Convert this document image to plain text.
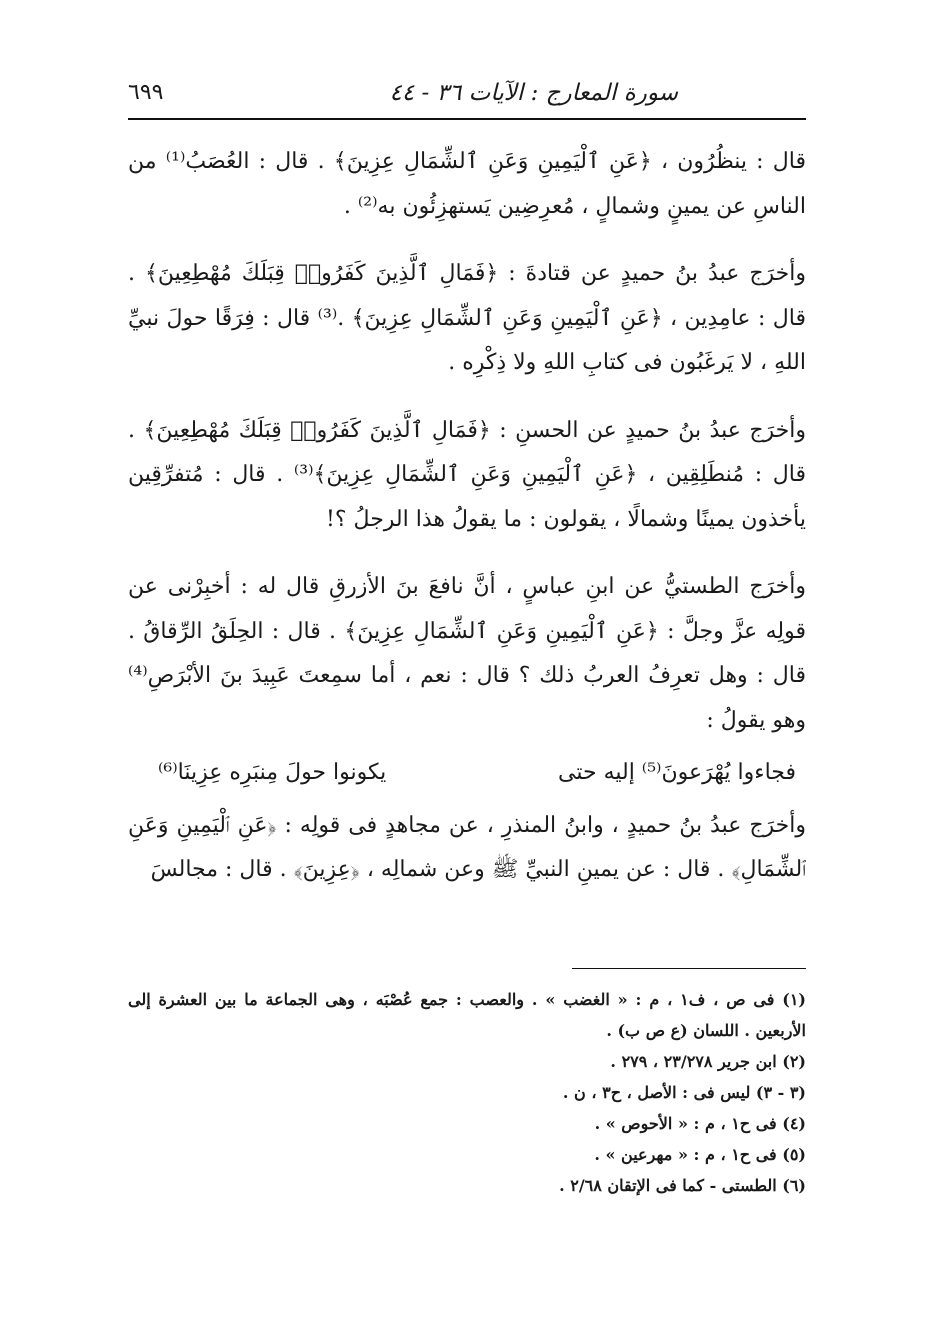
سورة المعارج : الآيات ٣٦ - ٤٤
٦٩٩

قال : ينظُرُون ، ﴿عَنِ ٱلْيَمِينِ وَعَنِ ٱلشِّمَالِ عِزِينَ﴾ . قال : العُصَبُ⁽¹⁾ من الناسِ عن يمينٍ وشمالٍ ، مُعرِضِين يَستهزِئُون به⁽²⁾ .

وأخرَج عبدُ بنُ حميدٍ عن قتادةَ : ﴿فَمَالِ ٱلَّذِينَ كَفَرُوا۟ قِبَلَكَ مُهْطِعِينَ﴾ . قال : عامِدِين ، ﴿عَنِ ٱلْيَمِينِ وَعَنِ ٱلشِّمَالِ عِزِينَ﴾ .⁽³⁾ قال : فِرَقًا حولَ نبيِّ اللهِ ، لا يَرغَبُون فى كتابِ اللهِ ولا ذِكْرِه .

وأخرَج عبدُ بنُ حميدٍ عن الحسنِ : ﴿فَمَالِ ٱلَّذِينَ كَفَرُوا۟ قِبَلَكَ مُهْطِعِينَ﴾ . قال : مُنطَلِقِين ، ﴿عَنِ ٱلْيَمِينِ وَعَنِ ٱلشِّمَالِ عِزِينَ﴾⁽³⁾ . قال : مُتفرِّقِين يأخذون يمينًا وشمالًا ، يقولون : ما يقولُ هذا الرجلُ ؟!

وأخرَج الطستيُّ عن ابنِ عباسٍ ، أنَّ نافعَ بنَ الأزرقِ قال له : أخبِرْنى عن قولِه عزَّ وجلَّ : ﴿عَنِ ٱلْيَمِينِ وَعَنِ ٱلشِّمَالِ عِزِينَ﴾ . قال : الحِلَقُ الرِّقاقُ . قال : وهل تعرِفُ العربُ ذلك ؟ قال : نعم ، أما سمِعتَ عَبِيدَ بنَ الأبْرَصِ⁽⁴⁾ وهو يقولُ :

فجاءوا يُهْرَعونَ⁽⁵⁾ إليه حتى
يكونوا حولَ مِنبَرِه عِزِينَا⁽⁶⁾

وأخرَج عبدُ بنُ حميدٍ ، وابنُ المنذرِ ، عن مجاهدٍ فى قولِه : ﴿عَنِ ٱلْيَمِينِ وَعَنِ ٱلشِّمَالِ﴾ . قال : عن يمينِ النبيِّ ﷺ وعن شمالِه ، ﴿عِزِينَ﴾ . قال : مجالسَ

(١) فى ص ، ف١ ، م : « الغضب » . والعصب : جمع عُصْبَه ، وهى الجماعة ما بين العشرة إلى الأربعين . اللسان (ع ص ب) .
(٢) ابن جرير ٢٣/٢٧٨ ، ٢٧٩ .
(٣ - ٣) ليس فى : الأصل ، ح٣ ، ن .
(٤) فى ح١ ، م : « الأحوص » .
(٥) فى ح١ ، م : « مهرعين » .
(٦) الطستى - كما فى الإتقان ٢/٦٨ .
